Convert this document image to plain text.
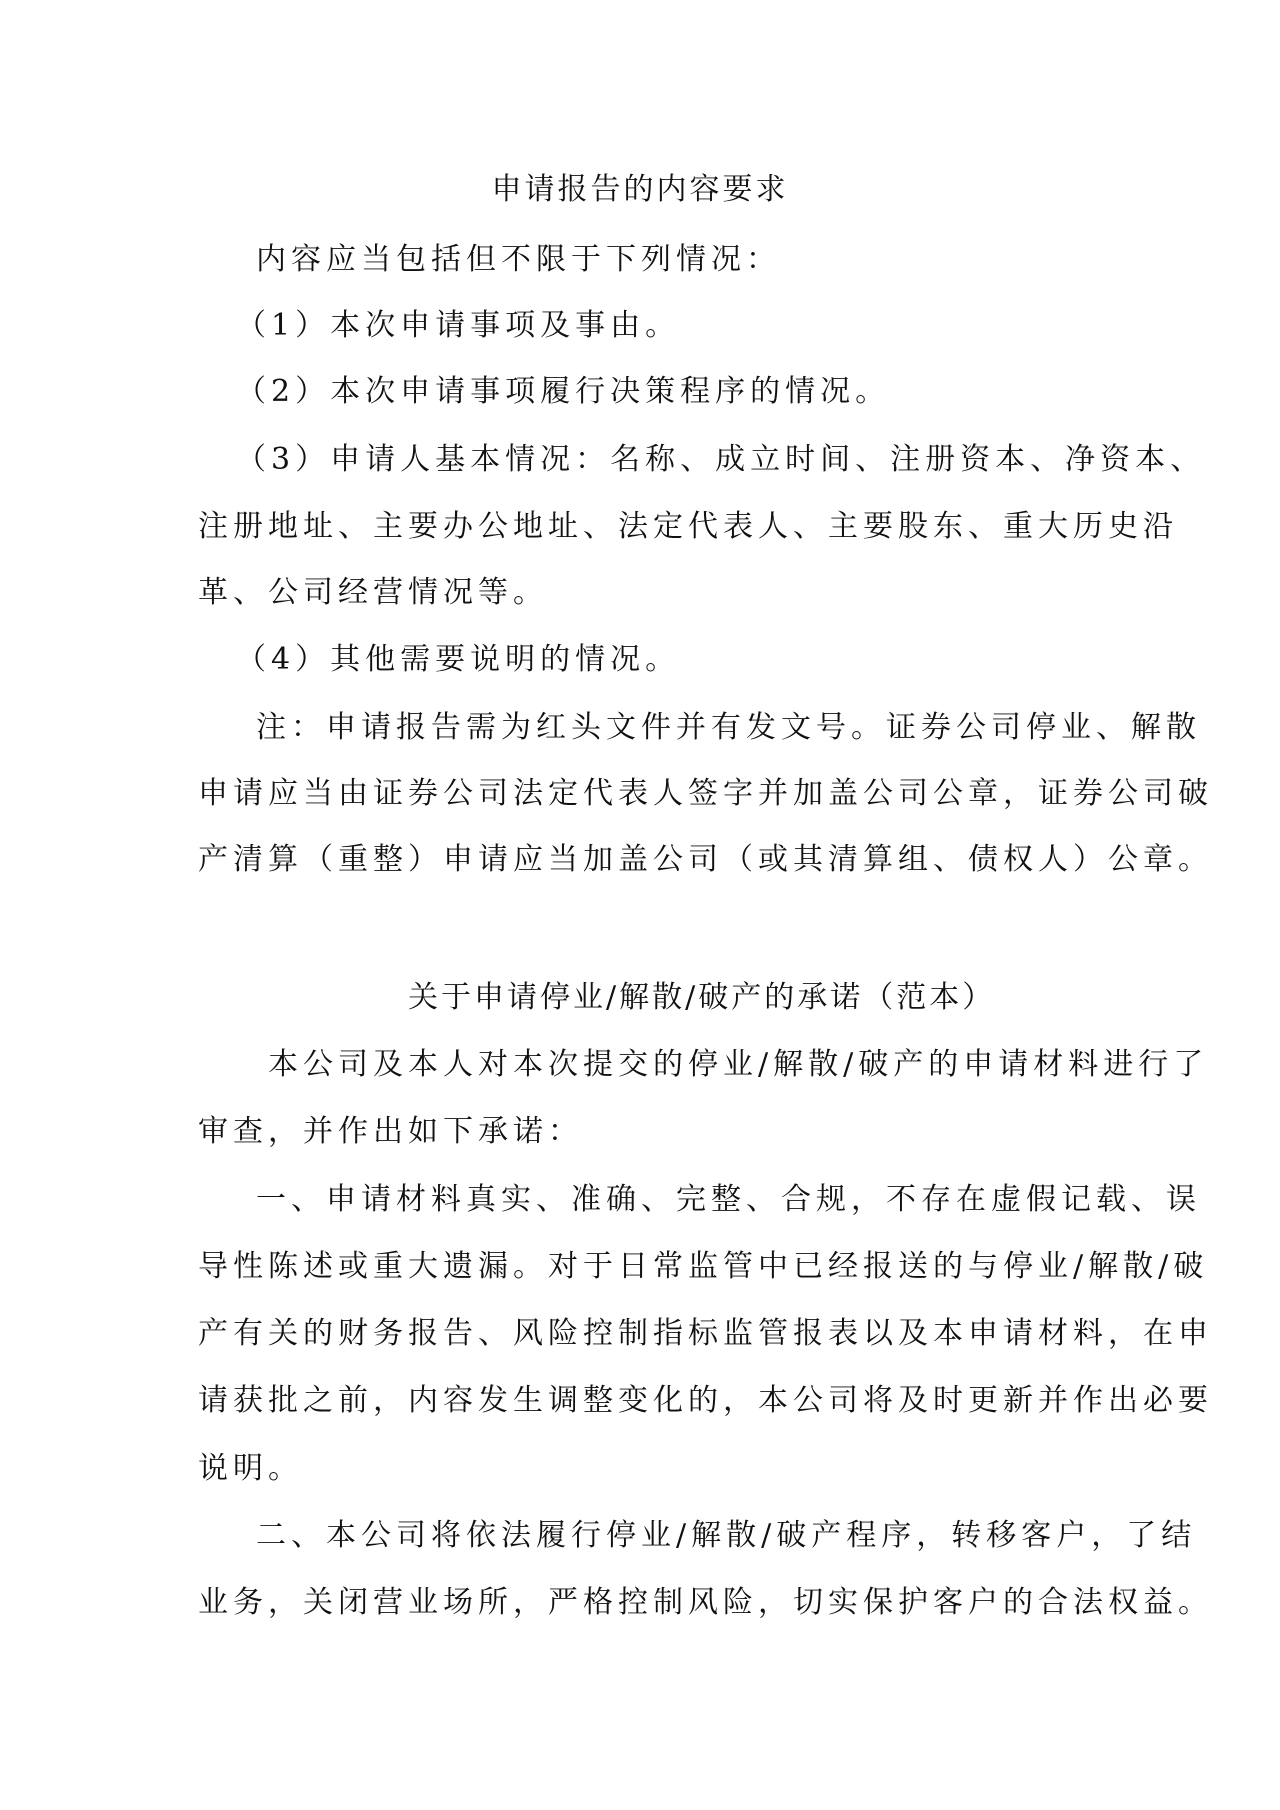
申请报告的内容要求
内容应当包括但不限于下列情况：
（1）本次申请事项及事由。
（2）本次申请事项履行决策程序的情况。
（3）申请人基本情况：名称、成立时间、注册资本、净资本、
注册地址、主要办公地址、法定代表人、主要股东、重大历史沿
革、公司经营情况等。
（4）其他需要说明的情况。
注：申请报告需为红头文件并有发文号。证券公司停业、解散
申请应当由证券公司法定代表人签字并加盖公司公章，证券公司破
产清算（重整）申请应当加盖公司（或其清算组、债权人）公章。
关于申请停业/解散/破产的承诺（范本）
本公司及本人对本次提交的停业/解散/破产的申请材料进行了
审查，并作出如下承诺：
一、申请材料真实、准确、完整、合规，不存在虚假记载、误
导性陈述或重大遗漏。对于日常监管中已经报送的与停业/解散/破
产有关的财务报告、风险控制指标监管报表以及本申请材料，在申
请获批之前，内容发生调整变化的，本公司将及时更新并作出必要
说明。
二、本公司将依法履行停业/解散/破产程序，转移客户，了结
业务，关闭营业场所，严格控制风险，切实保护客户的合法权益。
